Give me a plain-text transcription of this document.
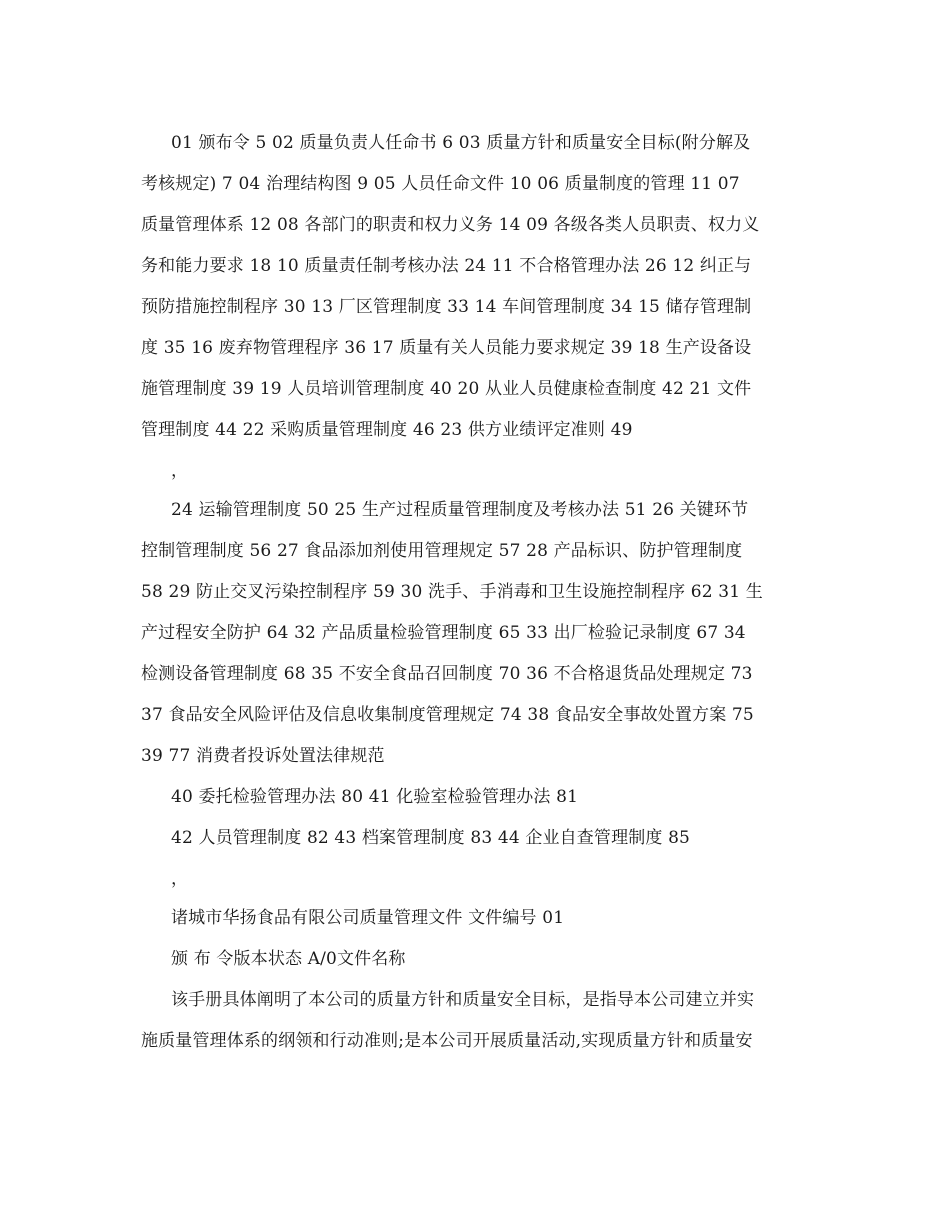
01 颁布令 5 02 质量负责人任命书 6 03 质量方针和质量安全目标(附分解及
考核规定) 7 04 治理结构图 9 05 人员任命文件 10 06 质量制度的管理 11 07
质量管理体系 12 08 各部门的职责和权力义务 14 09 各级各类人员职责、权力义
务和能力要求 18 10 质量责任制考核办法 24 11 不合格管理办法 26 12 纠正与
预防措施控制程序 30 13 厂区管理制度 33 14 车间管理制度 34 15 储存管理制
度 35 16 废弃物管理程序 36 17 质量有关人员能力要求规定 39 18 生产设备设
施管理制度 39 19 人员培训管理制度 40 20 从业人员健康检查制度 42 21 文件
管理制度 44 22 采购质量管理制度 46 23 供方业绩评定准则 49
，
24 运输管理制度 50 25 生产过程质量管理制度及考核办法 51 26 关键环节
控制管理制度 56 27 食品添加剂使用管理规定 57 28 产品标识、防护管理制度
58 29 防止交叉污染控制程序 59 30 洗手、手消毒和卫生设施控制程序 62 31 生
产过程安全防护 64 32 产品质量检验管理制度 65 33 出厂检验记录制度 67 34
检测设备管理制度 68 35 不安全食品召回制度 70 36 不合格退货品处理规定 73
37 食品安全风险评估及信息收集制度管理规定 74 38 食品安全事故处置方案 75
39 77 消费者投诉处置法律规范
40 委托检验管理办法 80 41 化验室检验管理办法 81
42 人员管理制度 82 43 档案管理制度 83 44 企业自查管理制度 85
，
诸城市华扬食品有限公司质量管理文件 文件编号 01
颁 布 令版本状态 A/0文件名称
该手册具体阐明了本公司的质量方针和质量安全目标，是指导本公司建立并实
施质量管理体系的纲领和行动准则;是本公司开展质量活动,实现质量方针和质量安
